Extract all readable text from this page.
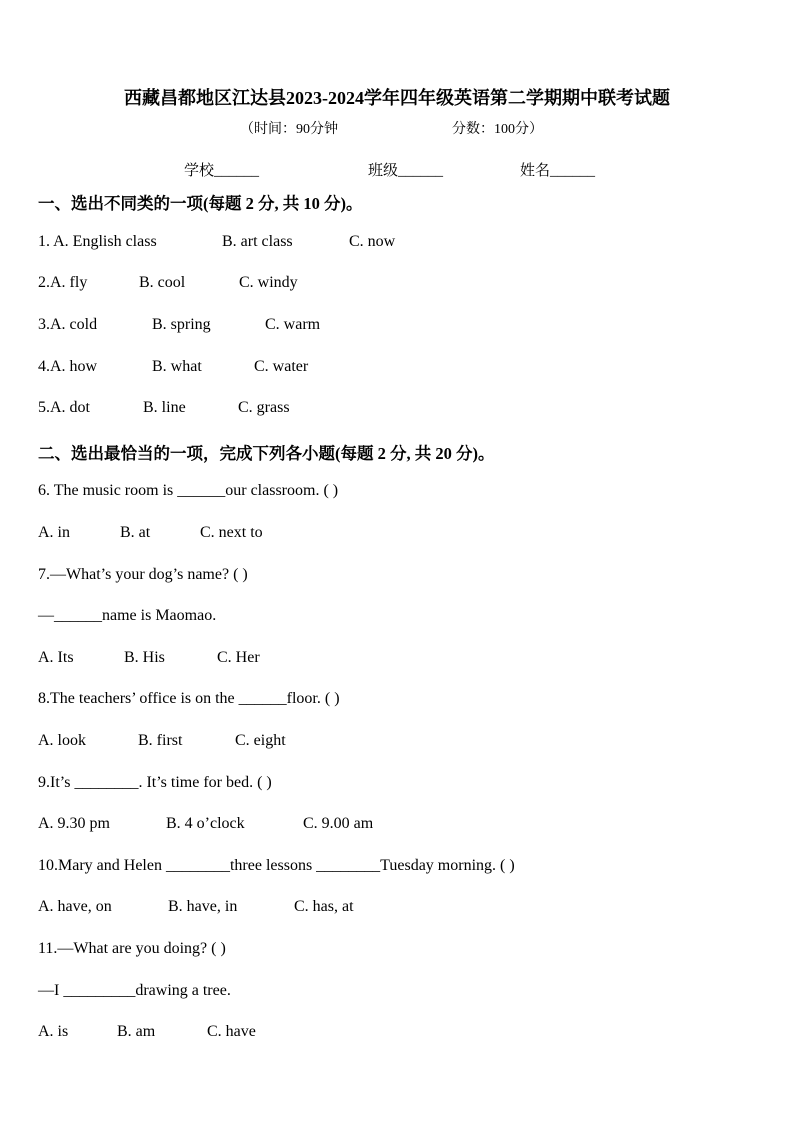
西藏昌都地区江达县2023-2024学年四年级英语第二学期期中联考试题
（时间：90分钟	分数：100分）
学校______	班级______	姓名______
一、选出不同类的一项(每题 2 分, 共 10 分)。
1. A. English class	B. art class	C. now
2.A. fly	B. cool	C. windy
3.A. cold	B. spring	C. warm
4.A. how	B. what	C. water
5.A. dot	B. line	C. grass
二、选出最恰当的一项，完成下列各小题(每题 2 分, 共 20 分)。
6. The music room is ______our classroom. ( )
A. in	B. at	C. next to
7.—What’s your dog’s name? ( )
—______name is Maomao.
A. Its	B. His	C. Her
8.The teachers’ office is on the ______floor. ( )
A. look	B. first	C. eight
9.It’s ________. It’s time for bed. ( )
A. 9.30 pm	B. 4 o’clock	C. 9.00 am
10.Mary and Helen ________three lessons ________Tuesday morning. ( )
A. have, on	B. have, in	C. has, at
11.—What are you doing? ( )
—I _________drawing a tree.
A. is	B. am	C. have
